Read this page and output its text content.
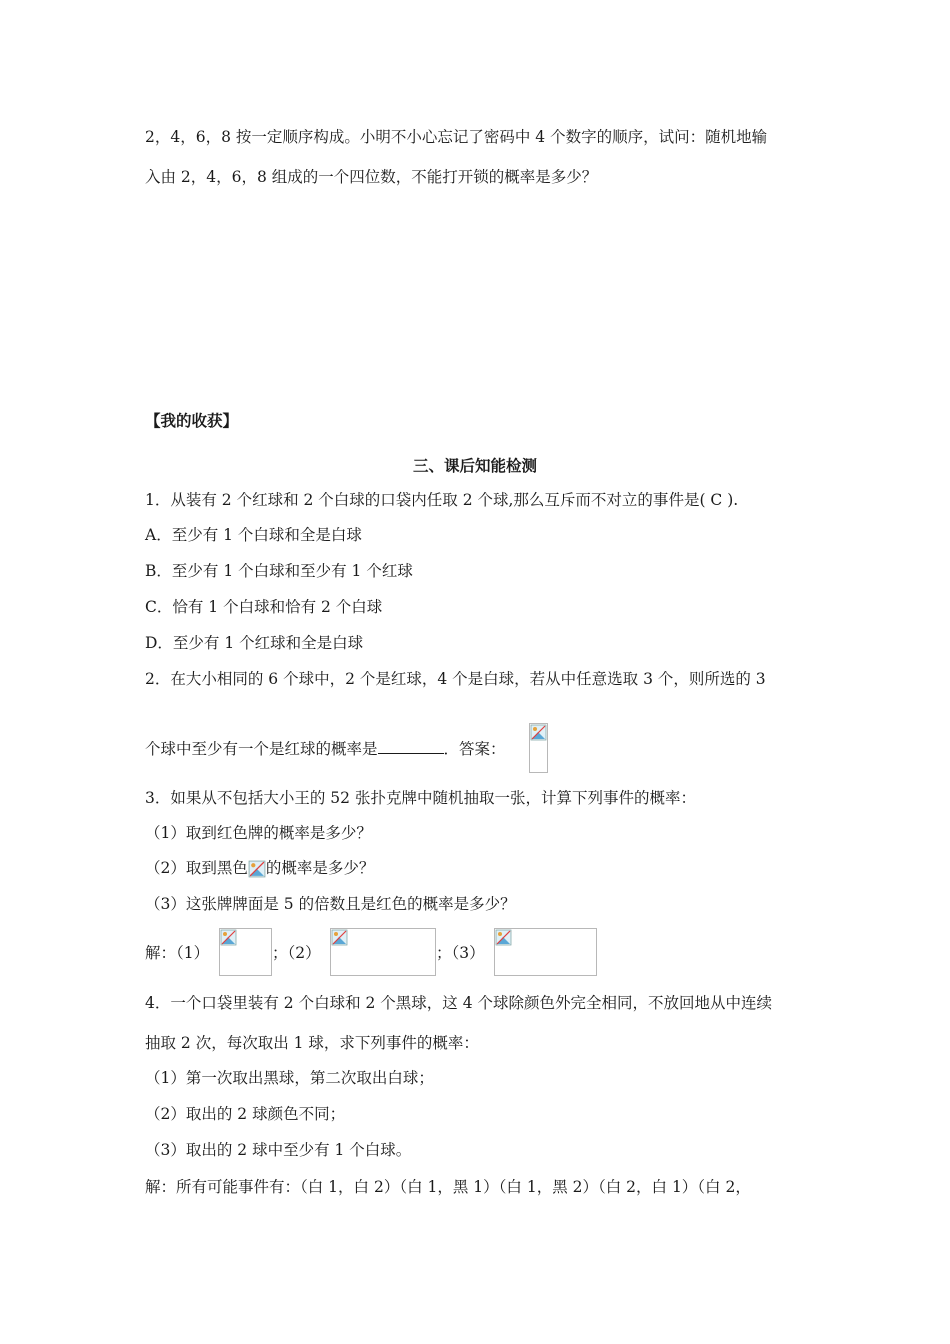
2，4，6，8 按一定顺序构成。小明不小心忘记了密码中 4 个数字的顺序，试问：随机地输
入由 2，4，6，8 组成的一个四位数，不能打开锁的概率是多少？
【我的收获】
三、课后知能检测
1．从装有 2 个红球和 2 个白球的口袋内任取 2 个球,那么互斥而不对立的事件是( C ).
A．至少有 1 个白球和全是白球
B．至少有 1 个白球和至少有 1 个红球
C．恰有 1 个白球和恰有 2 个白球
D．至少有 1 个红球和全是白球
2．在大小相同的 6 个球中，2 个是红球，4 个是白球，若从中任意选取 3 个，则所选的 3
个球中至少有一个是红球的概率是	．答案：
3．如果从不包括大小王的 52 张扑克牌中随机抽取一张，计算下列事件的概率：
（1）取到红色牌的概率是多少？
（2）取到黑色 的概率是多少？
（3）这张牌牌面是 5 的倍数且是红色的概率是多少？
解：（1）	；（2）	；（3）
4．一个口袋里装有 2 个白球和 2 个黑球，这 4 个球除颜色外完全相同，不放回地从中连续
抽取 2 次，每次取出 1 球，求下列事件的概率：
（1）第一次取出黑球，第二次取出白球；
（2）取出的 2 球颜色不同；
（3）取出的 2 球中至少有 1 个白球。
解：所有可能事件有：（白 1，白 2）（白 1，黑 1）（白 1，黑 2）（白 2，白 1）（白 2，
